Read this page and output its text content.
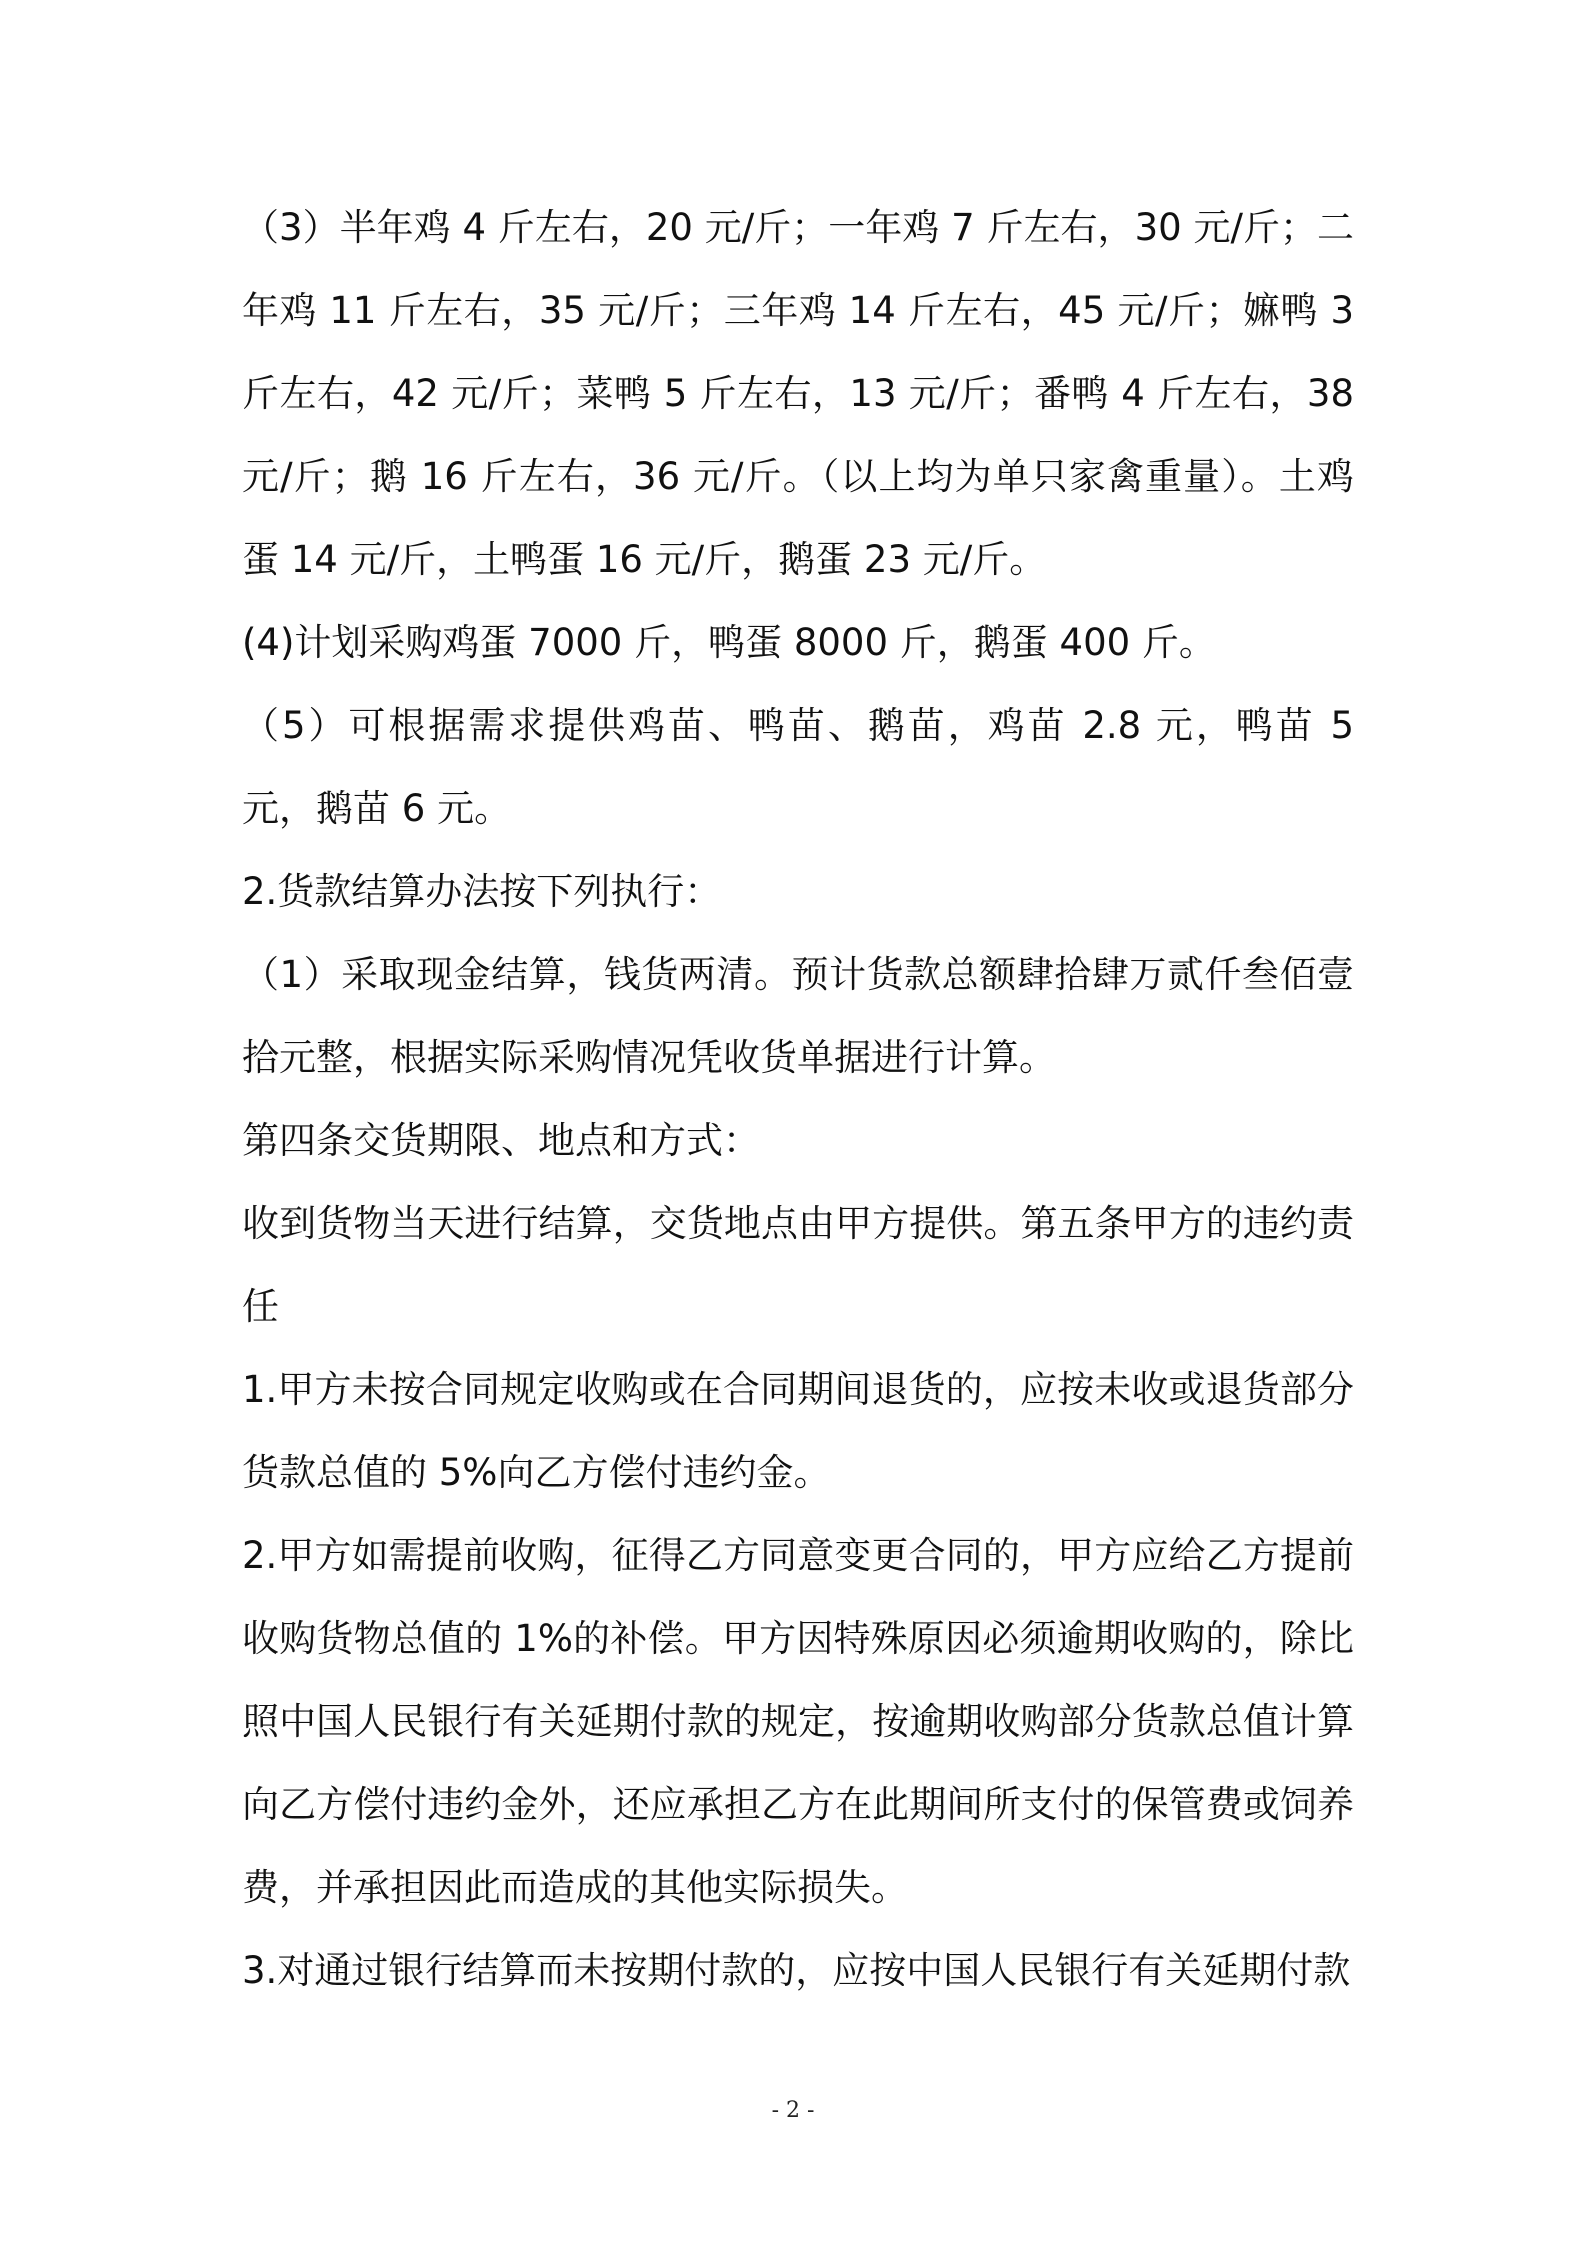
（3）半年鸡 4 斤左右，20 元/斤；一年鸡 7 斤左右，30 元/斤；二年鸡 11 斤左右，35 元/斤；三年鸡 14 斤左右，45 元/斤；嫲鸭 3 斤左右，42 元/斤；菜鸭 5 斤左右，13 元/斤；番鸭 4 斤左右，38 元/斤；鹅 16 斤左右，36 元/斤。（以上均为单只家禽重量）。土鸡蛋 14 元/斤，土鸭蛋 16 元/斤，鹅蛋 23 元/斤。

(4)计划采购鸡蛋 7000 斤，鸭蛋 8000 斤，鹅蛋 400 斤。

（5）可根据需求提供鸡苗、鸭苗、鹅苗，鸡苗 2.8 元，鸭苗 5 元，鹅苗 6 元。

2.货款结算办法按下列执行：

（1）采取现金结算，钱货两清。预计货款总额肆拾肆万贰仟叁佰壹拾元整，根据实际采购情况凭收货单据进行计算。

第四条交货期限、地点和方式：

收到货物当天进行结算，交货地点由甲方提供。第五条甲方的违约责任

1.甲方未按合同规定收购或在合同期间退货的，应按未收或退货部分货款总值的 5%向乙方偿付违约金。

2.甲方如需提前收购，征得乙方同意变更合同的，甲方应给乙方提前收购货物总值的 1%的补偿。甲方因特殊原因必须逾期收购的，除比照中国人民银行有关延期付款的规定，按逾期收购部分货款总值计算向乙方偿付违约金外，还应承担乙方在此期间所支付的保管费或饲养费，并承担因此而造成的其他实际损失。

3.对通过银行结算而未按期付款的，应按中国人民银行有关延期付款

- 2 -
